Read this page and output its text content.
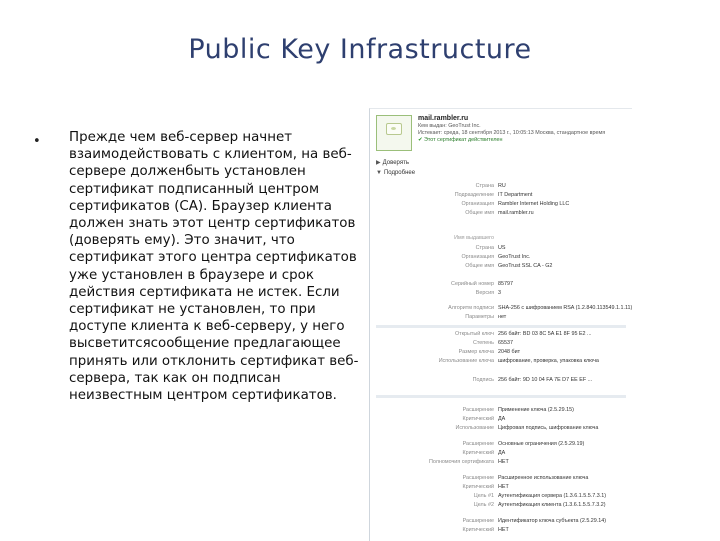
Public Key Infrastructure
• Прежде чем веб-сервер начнет взаимодействовать с клиентом, на веб-сервере долженбыть установлен сертификат подписанный центром сертификатов (CA). Браузер клиента должен знать этот центр сертификатов (доверять ему). Это значит, что сертификат этого центра сертификатов уже установлен в браузере и срок действия сертификата не истек. Если сертификат не установлен, то при доступе клиента к веб-серверу, у него высветитсясообщение предлагающее принять или отклонить сертификат веб-сервера, так как он подписан неизвестным центром сертификатов.

mail.rambler.ru
Кем выдан: GeoTrust Inc.
Истекает: среда, 18 сентября 2013 г., 10:05:13 Москва, стандартное время
✔ Этот сертификат действителен
▶ Доверять
▼ Подробнее
Страна RU
Подразделение IT Department
Организация Rambler Internet Holding LLC
Общее имя mail.rambler.ru
Имя выдавшего
Страна US
Организация GeoTrust Inc.
Общее имя GeoTrust SSL CA - G2
Серийный номер 85797
Версия 3
Алгоритм подписи SHA-256 с шифрованием RSA (1.2.840.113549.1.1.11)
Параметры нет
Открытый ключ 256 байт: BD 03 8C 5A E1 8F 95 E2 ...
Степень 65537
Размер ключа 2048 бит
Использование ключа шифрование, проверка, упаковка ключа
Подпись 256 байт: 9D 10 04 FA 7E D7 EE EF ...
Расширение Применение ключа (2.5.29.15)
Критический ДА
Использование Цифровая подпись, шифрование ключа
Расширение Основные ограничения (2.5.29.19)
Критический ДА
Полномочия сертификата НЕТ
Расширение Расширенное использование ключа
Критический НЕТ
Цель #1 Аутентификация сервера (1.3.6.1.5.5.7.3.1)
Цель #2 Аутентификация клиента (1.3.6.1.5.5.7.3.2)
Расширение Идентификатор ключа субъекта (2.5.29.14)
Критический НЕТ
